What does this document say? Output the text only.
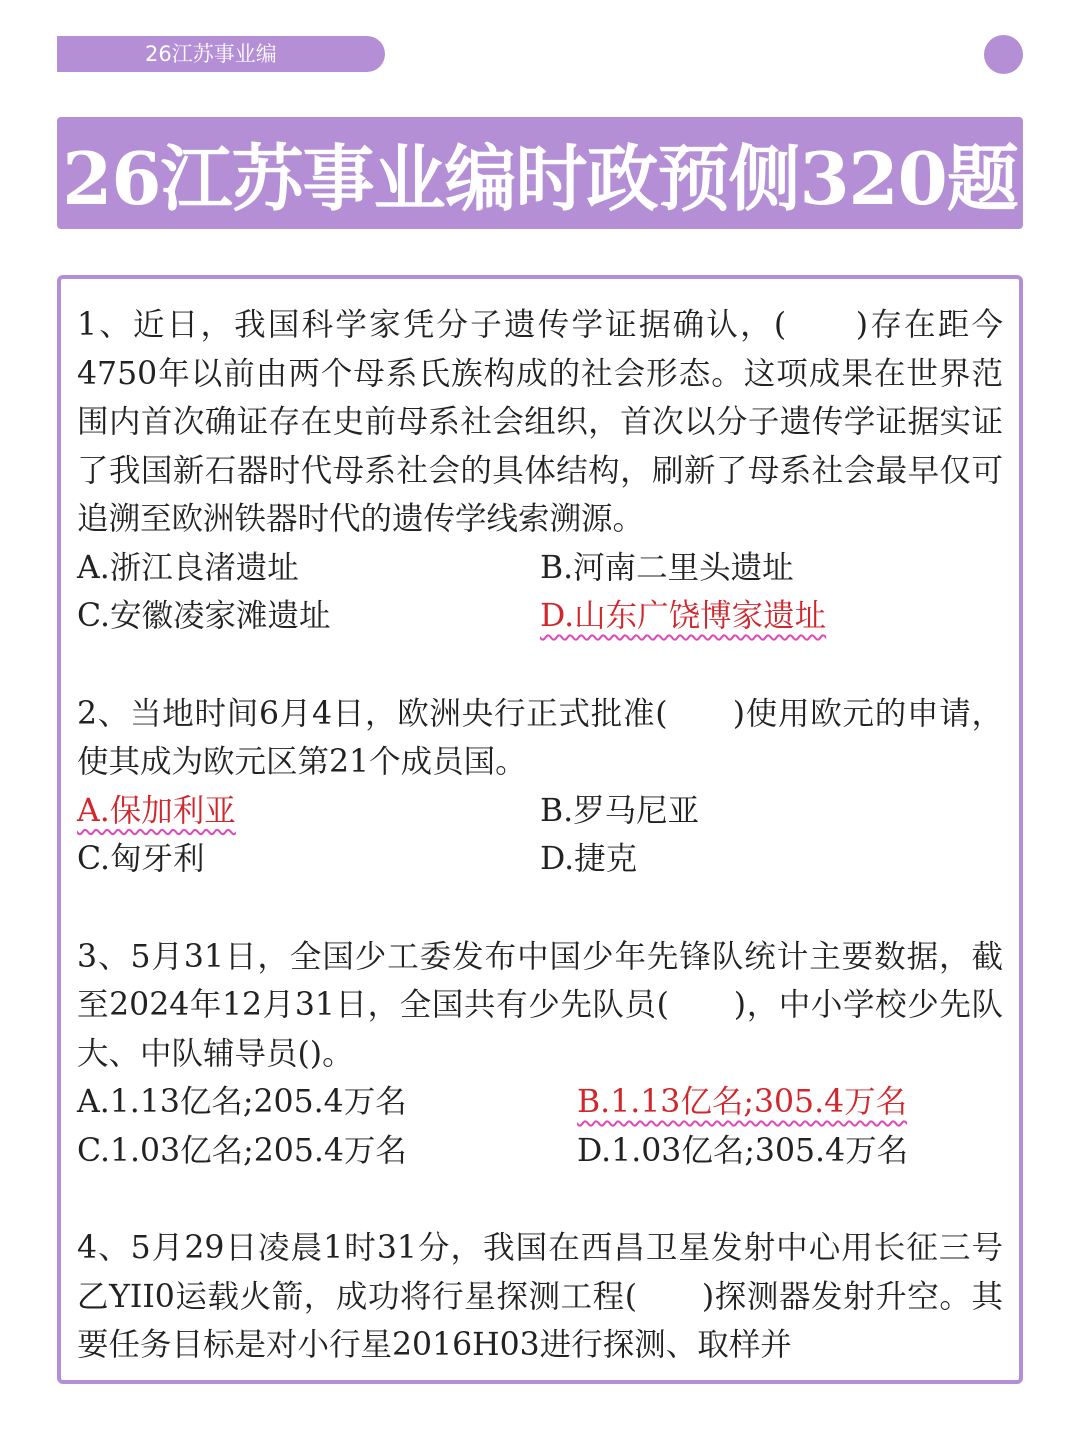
26江苏事业编
26江苏事业编时政预侧320题

1、近日，我国科学家凭分子遗传学证据确认，(　　)存在距今4750年以前由两个母系氏族构成的社会形态。这项成果在世界范围内首次确证存在史前母系社会组织，首次以分子遗传学证据实证了我国新石器时代母系社会的具体结构，刷新了母系社会最早仅可追溯至欧洲铁器时代的遗传学线索溯源。

A.浙江良渚遗址	B.河南二里头遗址
C.安徽凌家滩遗址	D.山东广饶博家遗址

2、当地时间6月4日，欧洲央行正式批准(　　)使用欧元的申请，使其成为欧元区第21个成员国。

A.保加利亚	B.罗马尼亚
C.匈牙利	D.捷克

3、5月31日，全国少工委发布中国少年先锋队统计主要数据，截至2024年12月31日，全国共有少先队员(　　)，中小学校少先队大、中队辅导员()。

A.1.13亿名;205.4万名	B.1.13亿名;305.4万名
C.1.03亿名;205.4万名	D.1.03亿名;305.4万名

4、5月29日凌晨1时31分，我国在西昌卫星发射中心用长征三号乙YII0运载火箭，成功将行星探测工程(　　)探测器发射升空。其要任务目标是对小行星2016H03进行探测、取样并
